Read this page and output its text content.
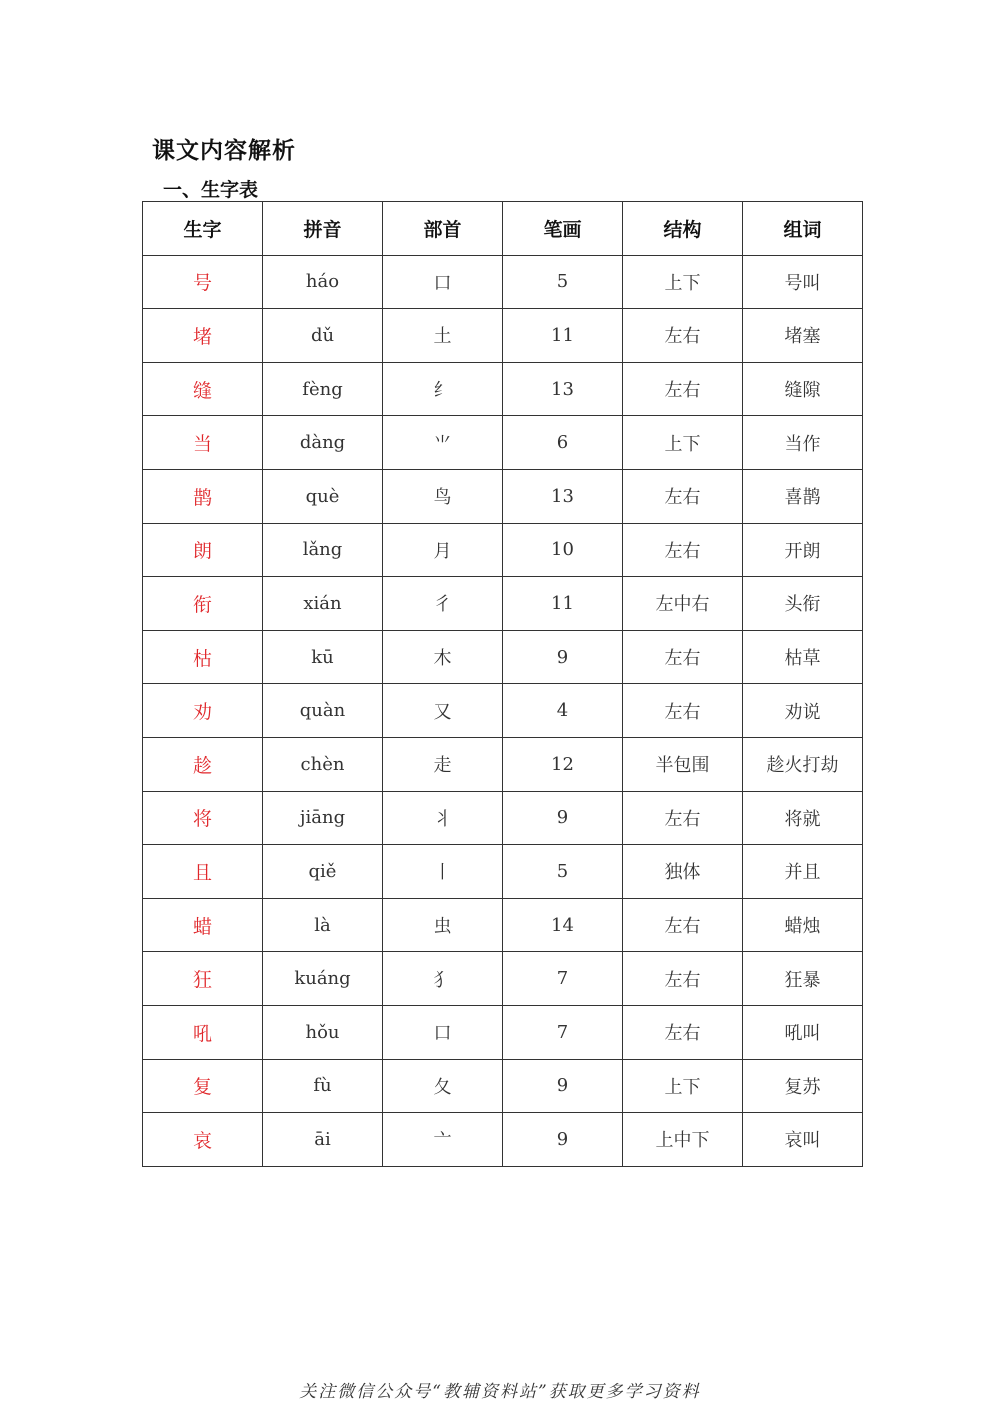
课文内容解析
一、生字表
生字	拼音	部首	笔画	结构	组词
号	háo	口	5	上下	号叫
堵	dǔ	土	11	左右	堵塞
缝	fèng	纟	13	左右	缝隙
当	dàng	⺌	6	上下	当作
鹊	què	鸟	13	左右	喜鹊
朗	lǎng	月	10	左右	开朗
衔	xián	彳	11	左中右	头衔
枯	kū	木	9	左右	枯草
劝	quàn	又	4	左右	劝说
趁	chèn	走	12	半包围	趁火打劫
将	jiāng	丬	9	左右	将就
且	qiě	丨	5	独体	并且
蜡	là	虫	14	左右	蜡烛
狂	kuáng	犭	7	左右	狂暴
吼	hǒu	口	7	左右	吼叫
复	fù	夂	9	上下	复苏
哀	āi	亠	9	上中下	哀叫
关注微信公众号“教辅资料站”获取更多学习资料
